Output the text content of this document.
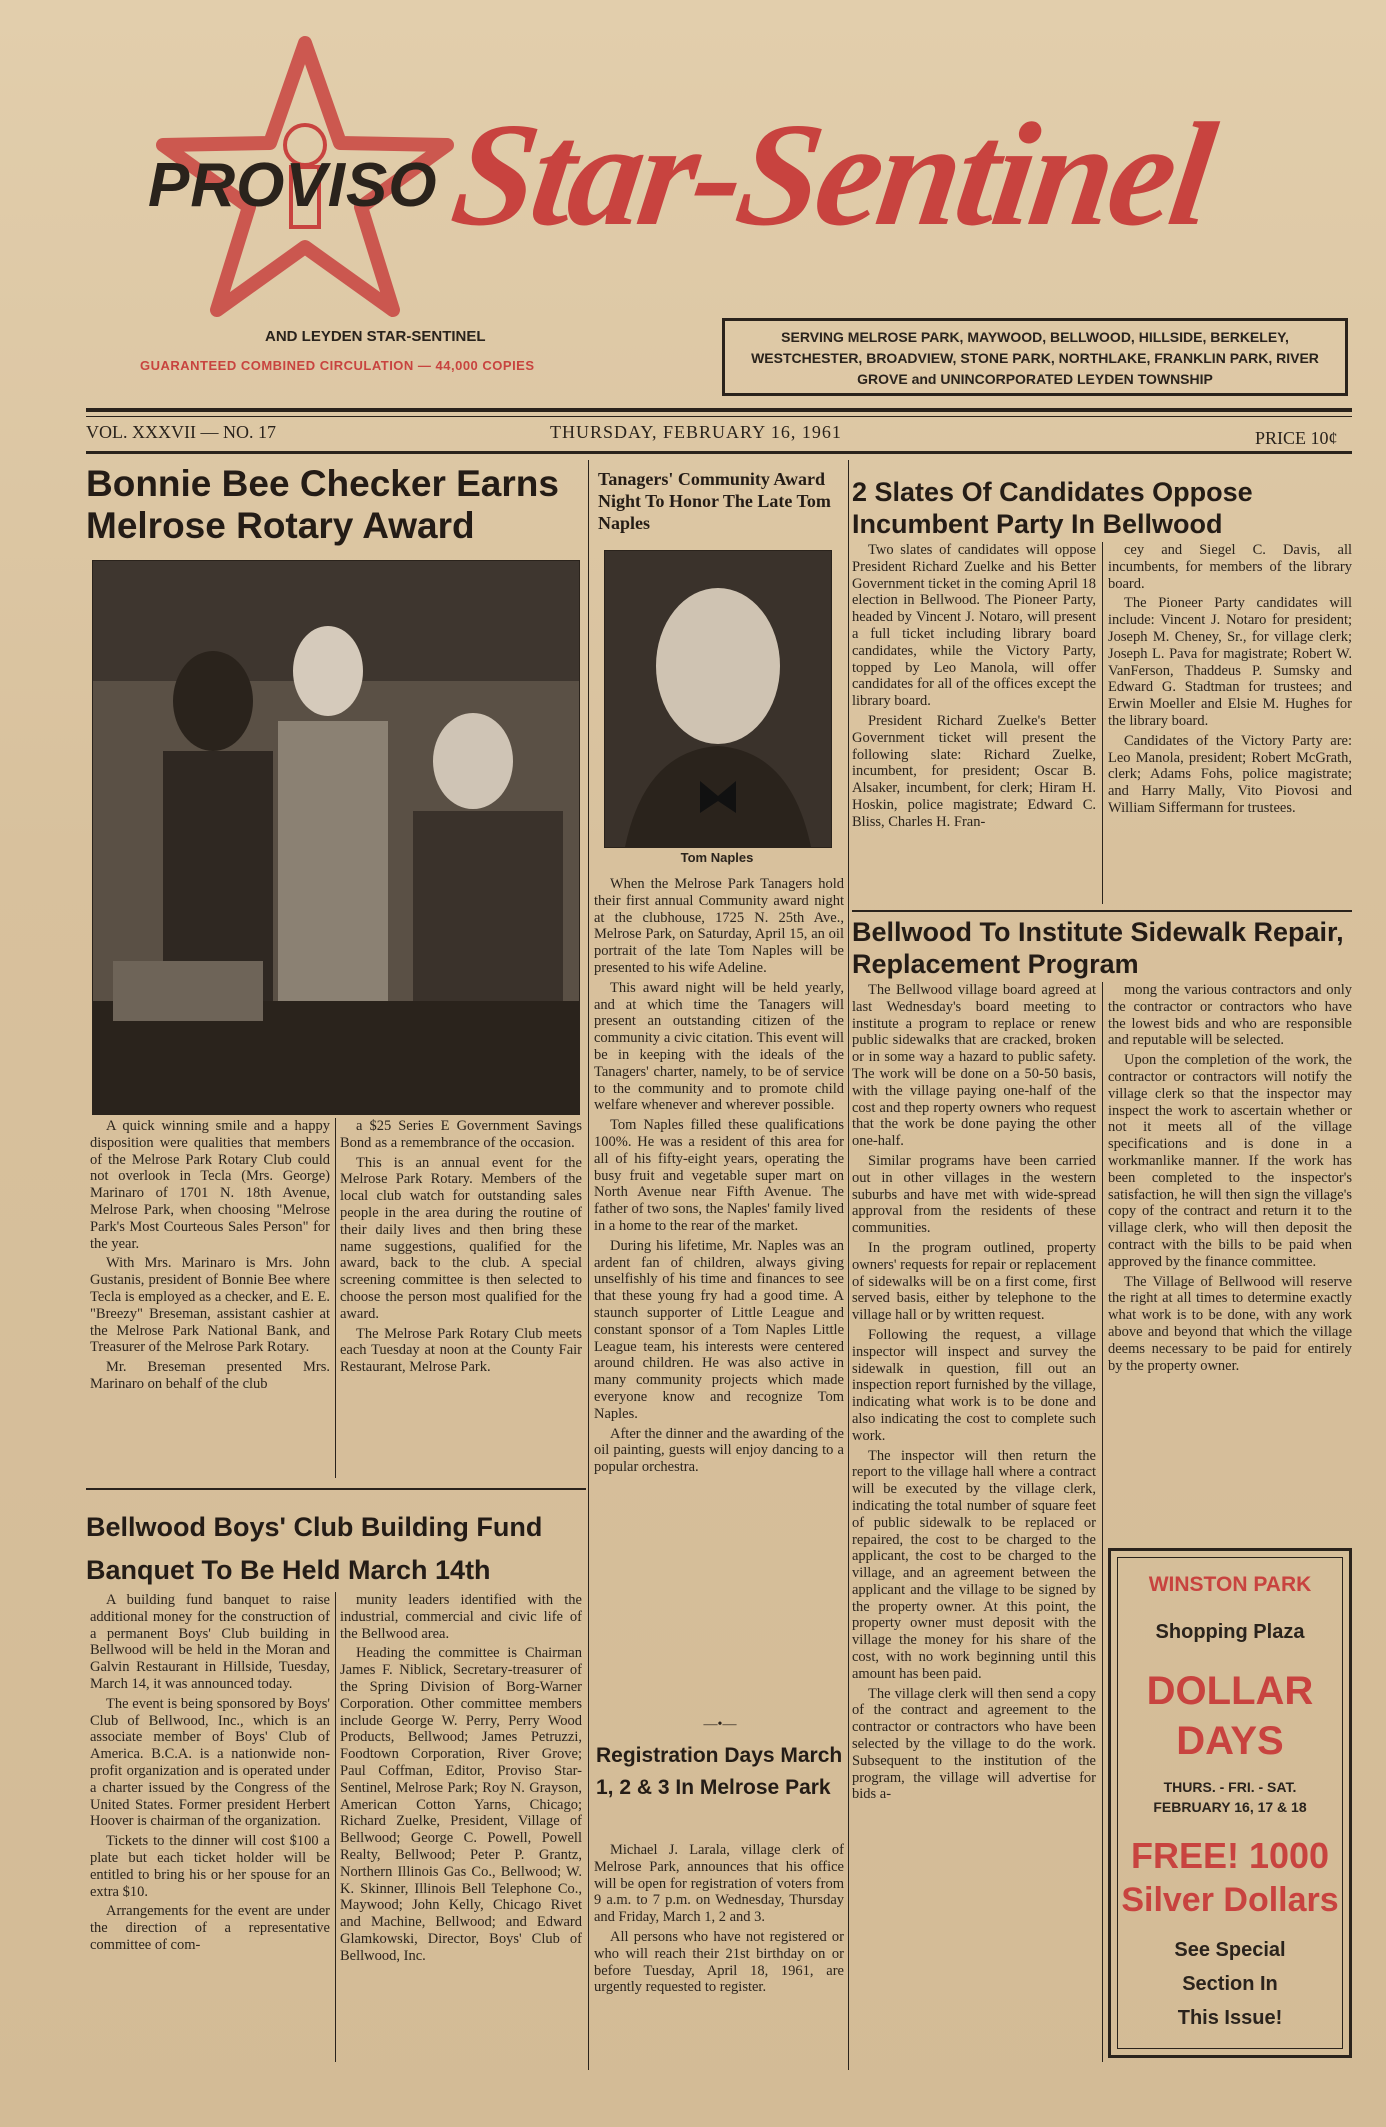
PROVISO Star-Sentinel
AND LEYDEN STAR-SENTINEL
GUARANTEED COMBINED CIRCULATION — 44,000 COPIES
SERVING MELROSE PARK, MAYWOOD, BELLWOOD, HILLSIDE, BERKELEY, WESTCHESTER, BROADVIEW, STONE PARK, NORTHLAKE, FRANKLIN PARK, RIVER GROVE and UNINCORPORATED LEYDEN TOWNSHIP
VOL. XXXVII — NO. 17	THURSDAY, FEBRUARY 16, 1961	PRICE 10¢
Bonnie Bee Checker Earns Melrose Rotary Award

A quick winning smile and a happy disposition were qualities that members of the Melrose Park Rotary Club could not overlook in Tecla (Mrs. George) Marinaro of 1701 N. 18th Avenue, Melrose Park, when choosing "Melrose Park's Most Courteous Sales Person" for the year.

With Mrs. Marinaro is Mrs. John Gustanis, president of Bonnie Bee where Tecla is employed as a checker, and E. E. "Breezy" Breseman, assistant cashier at the Melrose Park National Bank, and Treasurer of the Melrose Park Rotary.

Mr. Breseman presented Mrs. Marinaro on behalf of the club

a $25 Series E Government Savings Bond as a remembrance of the occasion.

This is an annual event for the Melrose Park Rotary. Members of the local club watch for outstanding sales people in the area during the routine of their daily lives and then bring these name suggestions, qualified for the award, back to the club. A special screening committee is then selected to choose the person most qualified for the award.

The Melrose Park Rotary Club meets each Tuesday at noon at the County Fair Restaurant, Melrose Park.

Bellwood Boys' Club Building Fund Banquet To Be Held March 14th

A building fund banquet to raise additional money for the construction of a permanent Boys' Club building in Bellwood will be held in the Moran and Galvin Restaurant in Hillside, Tuesday, March 14, it was announced today.

The event is being sponsored by Boys' Club of Bellwood, Inc., which is an associate member of Boys' Club of America. B.C.A. is a nationwide non-profit organization and is operated under a charter issued by the Congress of the United States. Former president Herbert Hoover is chairman of the organization.

Tickets to the dinner will cost $100 a plate but each ticket holder will be entitled to bring his or her spouse for an extra $10.

Arrangements for the event are under the direction of a representative committee of com-

munity leaders identified with the industrial, commercial and civic life of the Bellwood area.

Heading the committee is Chairman James F. Niblick, Secretary-treasurer of the Spring Division of Borg-Warner Corporation. Other committee members include George W. Perry, Perry Wood Products, Bellwood; James Petruzzi, Foodtown Corporation, River Grove; Paul Coffman, Editor, Proviso Star-Sentinel, Melrose Park; Roy N. Grayson, American Cotton Yarns, Chicago; Richard Zuelke, President, Village of Bellwood; George C. Powell, Powell Realty, Bellwood; Peter P. Grantz, Northern Illinois Gas Co., Bellwood; W. K. Skinner, Illinois Bell Telephone Co., Maywood; John Kelly, Chicago Rivet and Machine, Bellwood; and Edward Glamkowski, Director, Boys' Club of Bellwood, Inc.

Tanagers' Community Award Night To Honor The Late Tom Naples
Tom Naples

When the Melrose Park Tanagers hold their first annual Community award night at the clubhouse, 1725 N. 25th Ave., Melrose Park, on Saturday, April 15, an oil portrait of the late Tom Naples will be presented to his wife Adeline.

This award night will be held yearly, and at which time the Tanagers will present an outstanding citizen of the community a civic citation. This event will be in keeping with the ideals of the Tanagers' charter, namely, to be of service to the community and to promote child welfare whenever and wherever possible.

Tom Naples filled these qualifications 100%. He was a resident of this area for all of his fifty-eight years, operating the busy fruit and vegetable super mart on North Avenue near Fifth Avenue. The father of two sons, the Naples' family lived in a home to the rear of the market.

During his lifetime, Mr. Naples was an ardent fan of children, always giving unselfishly of his time and finances to see that these young fry had a good time. A staunch supporter of Little League and constant sponsor of a Tom Naples Little League team, his interests were centered around children. He was also active in many community projects which made everyone know and recognize Tom Naples.

After the dinner and the awarding of the oil painting, guests will enjoy dancing to a popular orchestra.

—•—
Registration Days March 1, 2 & 3 In Melrose Park

Michael J. Larala, village clerk of Melrose Park, announces that his office will be open for registration of voters from 9 a.m. to 7 p.m. on Wednesday, Thursday and Friday, March 1, 2 and 3.

All persons who have not registered or who will reach their 21st birthday on or before Tuesday, April 18, 1961, are urgently requested to register.

2 Slates Of Candidates Oppose Incumbent Party In Bellwood

Two slates of candidates will oppose President Richard Zuelke and his Better Government ticket in the coming April 18 election in Bellwood. The Pioneer Party, headed by Vincent J. Notaro, will present a full ticket including library board candidates, while the Victory Party, topped by Leo Manola, will offer candidates for all of the offices except the library board.

President Richard Zuelke's Better Government ticket will present the following slate: Richard Zuelke, incumbent, for president; Oscar B. Alsaker, incumbent, for clerk; Hiram H. Hoskin, police magistrate; Edward C. Bliss, Charles H. Fran-

cey and Siegel C. Davis, all incumbents, for members of the library board.

The Pioneer Party candidates will include: Vincent J. Notaro for president; Joseph M. Cheney, Sr., for village clerk; Joseph L. Pava for magistrate; Robert W. VanFerson, Thaddeus P. Sumsky and Edward G. Stadtman for trustees; and Erwin Moeller and Elsie M. Hughes for the library board.

Candidates of the Victory Party are: Leo Manola, president; Robert McGrath, clerk; Adams Fohs, police magistrate; and Harry Mally, Vito Piovosi and William Siffermann for trustees.

Bellwood To Institute Sidewalk Repair, Replacement Program

The Bellwood village board agreed at last Wednesday's board meeting to institute a program to replace or renew public sidewalks that are cracked, broken or in some way a hazard to public safety. The work will be done on a 50-50 basis, with the village paying one-half of the cost and thep roperty owners who request that the work be done paying the other one-half.

Similar programs have been carried out in other villages in the western suburbs and have met with wide-spread approval from the residents of these communities.

In the program outlined, property owners' requests for repair or replacement of sidewalks will be on a first come, first served basis, either by telephone to the village hall or by written request.

Following the request, a village inspector will inspect and survey the sidewalk in question, fill out an inspection report furnished by the village, indicating what work is to be done and also indicating the cost to complete such work.

The inspector will then return the report to the village hall where a contract will be executed by the village clerk, indicating the total number of square feet of public sidewalk to be replaced or repaired, the cost to be charged to the applicant, the cost to be charged to the village, and an agreement between the applicant and the village to be signed by the property owner. At this point, the property owner must deposit with the village the money for his share of the cost, with no work beginning until this amount has been paid.

The village clerk will then send a copy of the contract and agreement to the contractor or contractors who have been selected by the village to do the work. Subsequent to the institution of the program, the village will advertise for bids a-

mong the various contractors and only the contractor or contractors who have the lowest bids and who are responsible and reputable will be selected.

Upon the completion of the work, the contractor or contractors will notify the village clerk so that the inspector may inspect the work to ascertain whether or not it meets all of the village specifications and is done in a workmanlike manner. If the work has been completed to the inspector's satisfaction, he will then sign the village's copy of the contract and return it to the village clerk, who will then deposit the contract with the bills to be paid when approved by the finance committee.

The Village of Bellwood will reserve the right at all times to determine exactly what work is to be done, with any work above and beyond that which the village deems necessary to be paid for entirely by the property owner.

WINSTON PARK
Shopping Plaza
DOLLAR
DAYS
THURS. - FRI. - SAT.
FEBRUARY 16, 17 & 18
FREE! 1000
Silver Dollars
See Special
Section In
This Issue!
